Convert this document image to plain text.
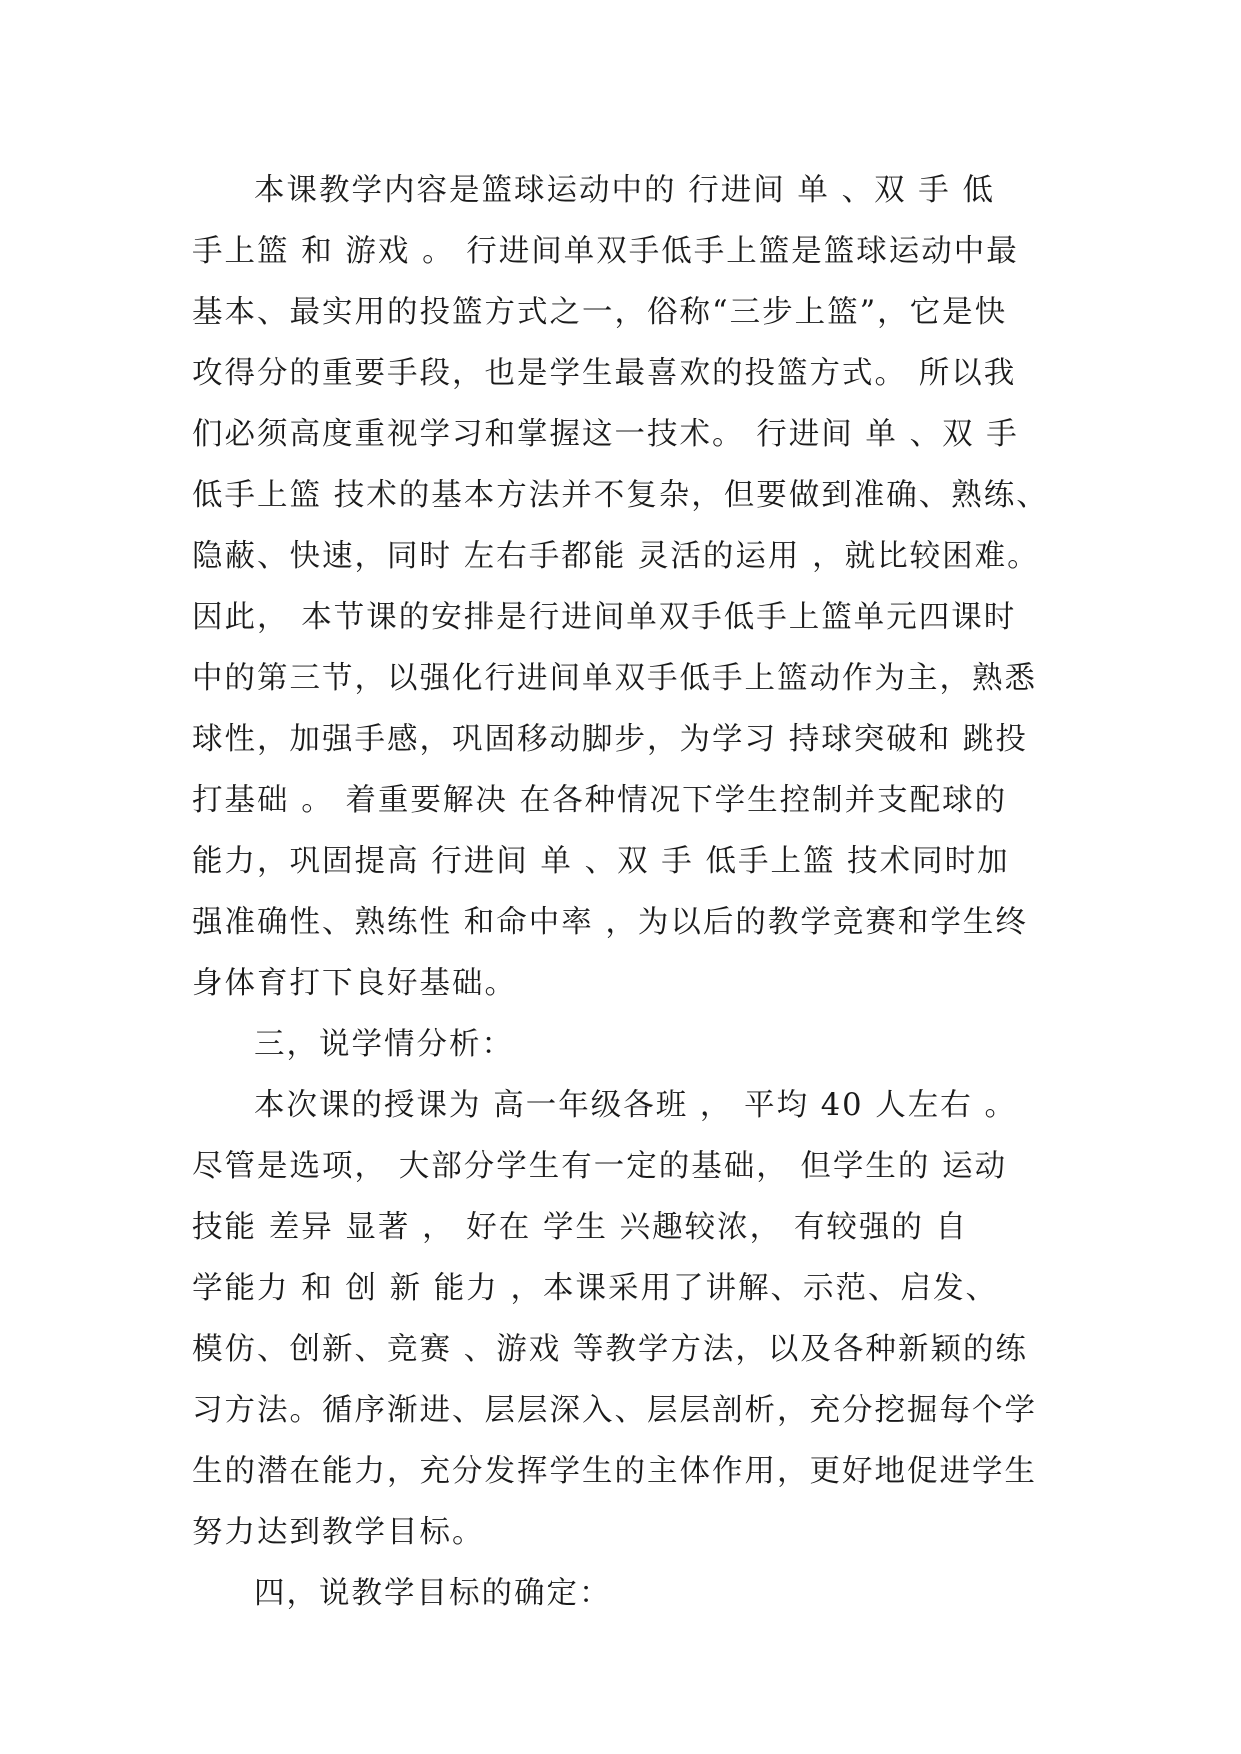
本课教学内容是篮球运动中的 行进间 单 、双 手 低
手上篮 和 游戏 。 行进间单双手低手上篮是篮球运动中最
基本、最实用的投篮方式之一，俗称“三步上篮”，它是快
攻得分的重要手段，也是学生最喜欢的投篮方式。 所以我
们必须高度重视学习和掌握这一技术。 行进间 单 、双 手
低手上篮 技术的基本方法并不复杂，但要做到准确、熟练、
隐蔽、快速，同时 左右手都能 灵活的运用 ，就比较困难。
因此， 本节课的安排是行进间单双手低手上篮单元四课时
中的第三节，以强化行进间单双手低手上篮动作为主，熟悉
球性，加强手感，巩固移动脚步，为学习 持球突破和 跳投
打基础 。 着重要解决 在各种情况下学生控制并支配球的
能力，巩固提高 行进间 单 、双 手 低手上篮 技术同时加
强准确性、熟练性 和命中率 ，为以后的教学竞赛和学生终
身体育打下良好基础。
三，说学情分析：
本次课的授课为 高一年级各班 ， 平均 40 人左右 。
尽管是选项， 大部分学生有一定的基础， 但学生的 运动
技能 差异 显著 ， 好在 学生 兴趣较浓， 有较强的 自
学能力 和 创 新 能力 ，本课采用了讲解、示范、启发、
模仿、创新、竞赛 、游戏 等教学方法，以及各种新颖的练
习方法。循序渐进、层层深入、层层剖析，充分挖掘每个学
生的潜在能力，充分发挥学生的主体作用，更好地促进学生
努力达到教学目标。
四，说教学目标的确定：
